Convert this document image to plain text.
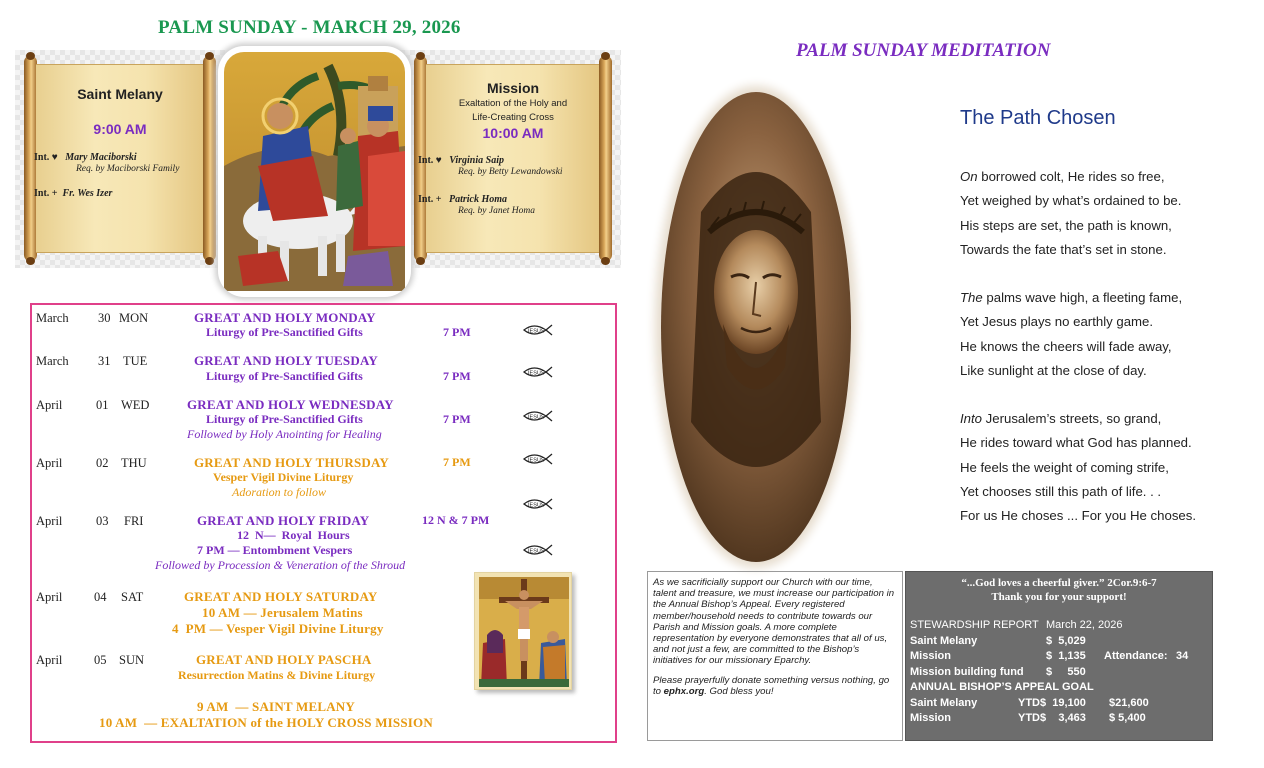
PALM SUNDAY - MARCH 29, 2026
Saint Melany
9:00 AM
Int. ♥ Mary Maciborski
Req. by Maciborski Family
Int. + Fr. Wes Izer
Mission
Exaltation of the Holy and
Life-Creating Cross
10:00 AM
Int. ♥ Virginia Saip
Req. by Betty Lewandowski
Int. + Patrick Homa
Req. by Janet Homa
March 30 MON	GREAT AND HOLY MONDAY
Liturgy of Pre-Sanctified Gifts	7 PM
March 31 TUE	GREAT AND HOLY TUESDAY
Liturgy of Pre-Sanctified Gifts	7 PM
April	01 WED	GREAT AND HOLY WEDNESDAY
Liturgy of Pre-Sanctified Gifts	7 PM
Followed by Holy Anointing for Healing
April	02 THU	GREAT AND HOLY THURSDAY	7 PM
Vesper Vigil Divine Liturgy
Adoration to follow
April	03 FRI	GREAT AND HOLY FRIDAY	12 N & 7 PM
12  N—  Royal  Hours
7 PM — Entombment Vespers
Followed by Procession & Veneration of the Shroud
April	04 SAT	GREAT AND HOLY SATURDAY
10 AM — Jerusalem Matins
4  PM — Vesper Vigil Divine Liturgy
April	05 SUN	GREAT AND HOLY PASCHA
Resurrection Matins & Divine Liturgy
9 AM  — SAINT MELANY
10 AM  — EXALTATION of the HOLY CROSS MISSION
IESUS
IESUS
IESUS
IESUS
IESUS
IESUS
PALM SUNDAY MEDITATION
The Path Chosen
On borrowed colt, He rides so free,
Yet weighed by what’s ordained to be.
His steps are set, the path is known,
Towards the fate that’s set in stone.
The palms wave high, a fleeting fame,
Yet Jesus plays no earthly game.
He knows the cheers will fade away,
Like sunlight at the close of day.
Into Jerusalem’s streets, so grand,
He rides toward what God has planned.
He feels the weight of coming strife,
Yet chooses still this path of life. . .
For us He choses ... For you He choses.

As we sacrificially support our Church with our time, talent and treasure, we must increase our participation in the Annual Bishop’s Appeal. Every registered member/household needs to contribute towards our Parish and Mission goals. A more complete representation by everyone demonstrates that all of us, and not just a few, are committed to the Bishop’s initiatives for our missionary Eparchy.

Please prayerfully donate something versus nothing, go to ephx.org. God bless you!

“...God loves a cheerful giver.” 2Cor.9:6-7
Thank you for your support!
STEWARDSHIP REPORT March 22, 2026
Saint Melany	$  5,029
Mission	$  1,135 Attendance: 34
Mission building fund $     550
ANNUAL BISHOP’S APPEAL GOAL
Saint Melany	YTD$  19,100 $21,600
Mission	YTD$    3,463 $ 5,400
